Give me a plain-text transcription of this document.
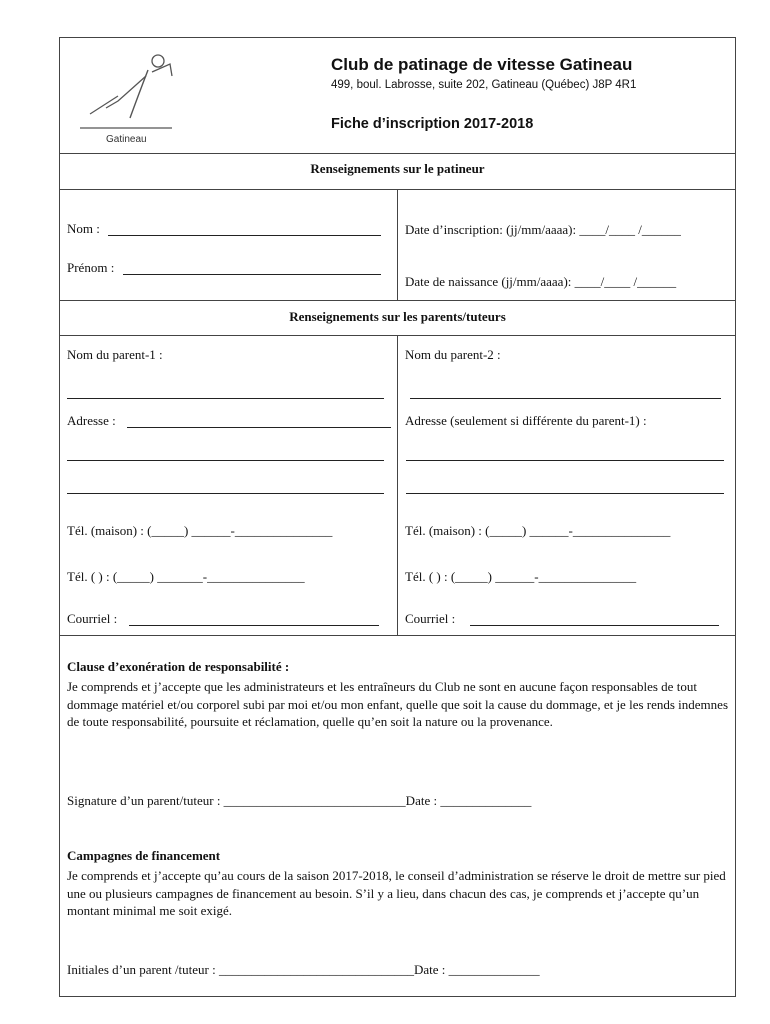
Gatineau
Club de patinage de vitesse Gatineau
499, boul. Labrosse, suite 202, Gatineau (Québec) J8P 4R1
Fiche d’inscription 2017-2018
Renseignements sur le patineur
Nom :
Prénom :
Date d’inscription: (jj/mm/aaaa): ____/____ /______
Date de naissance (jj/mm/aaaa): ____/____ /______
Renseignements sur les parents/tuteurs
Nom du parent-1 :
Adresse :
Tél. (maison) : (_____) ______-_______________
Tél. ( ) : (_____) _______-_______________
Courriel :
Nom du parent-2 :
Adresse (seulement si différente du parent-1) :
Tél. (maison) : (_____) ______-_______________
Tél. ( ) : (_____) ______-_______________
Courriel :
Clause d’exonération de responsabilité :
Je comprends et j’accepte que les administrateurs et les entraîneurs du Club ne sont en aucune façon responsables de tout dommage matériel et/ou corporel subi par moi et/ou mon enfant, quelle que soit la cause du dommage, et je les rends indemnes de toute responsabilité, poursuite et réclamation, quelle qu’en soit la nature ou la provenance.
Signature d’un parent/tuteur : ____________________________Date : ______________
Campagnes de financement
Je comprends et j’accepte qu’au cours de la saison 2017-2018, le conseil d’administration se réserve le droit de mettre sur pied une ou plusieurs campagnes de financement au besoin. S’il y a lieu, dans chacun des cas, je comprends et j’accepte qu’un montant minimal me soit exigé.
Initiales d’un parent /tuteur : ______________________________Date : ______________
